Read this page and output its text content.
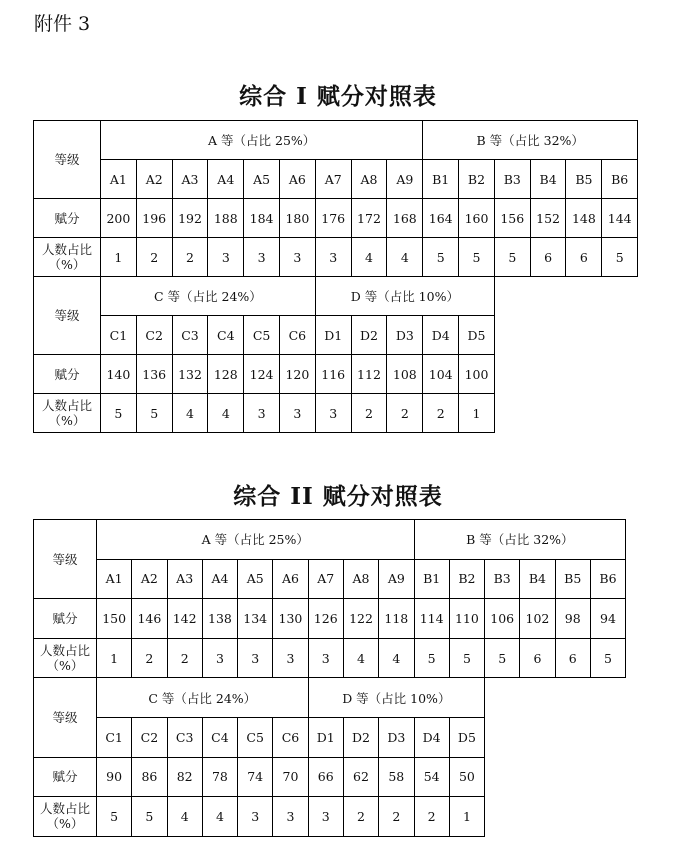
附件 3
综合 I 赋分对照表
等级	A 等（占比 25%）									B 等（占比 32%）					
	A1	A2	A3	A4	A5	A6	A7	A8	A9	B1	B2	B3	B4	B5	B6
赋分	200	196	192	188	184	180	176	172	168	164	160	156	152	148	144

人数占比
（%）	1	2	2	3	3	3	3	4	4	5	5	5	6	6	5
等级	C 等（占比 24%）						D 等（占比 10%）								
	C1	C2	C3	C4	C5	C6	D1	D2	D3	D4	D5				
赋分	140	136	132	128	124	120	116	112	108	104	100				

人数占比
（%）	5	5	4	4	3	3	3	2	2	2	1				
综合 II 赋分对照表
等级	A 等（占比 25%）									B 等（占比 32%）					
	A1	A2	A3	A4	A5	A6	A7	A8	A9	B1	B2	B3	B4	B5	B6
赋分	150	146	142	138	134	130	126	122	118	114	110	106	102	98	94

人数占比
（%）	1	2	2	3	3	3	3	4	4	5	5	5	6	6	5
等级	C 等（占比 24%）						D 等（占比 10%）								
	C1	C2	C3	C4	C5	C6	D1	D2	D3	D4	D5				
赋分	90	86	82	78	74	70	66	62	58	54	50				

人数占比
（%）	5	5	4	4	3	3	3	2	2	2	1				
